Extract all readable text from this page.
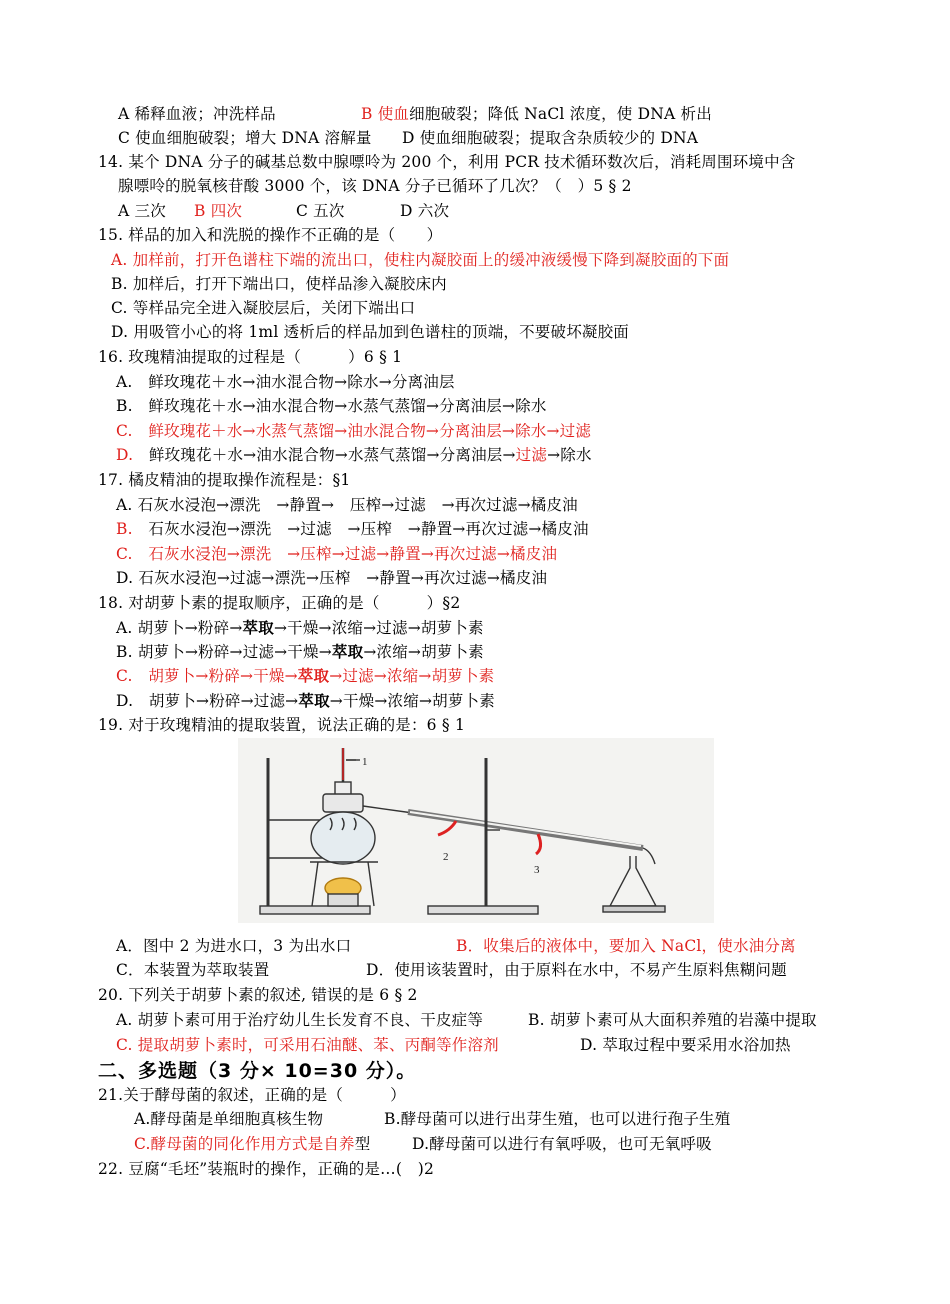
A 稀释血液；冲洗样品	B 使血细胞破裂；降低 NaCl 浓度，使 DNA 析出
C 使血细胞破裂；增大 DNA 溶解量 D 使血细胞破裂；提取含杂质较少的 DNA
14. 某个 DNA 分子的碱基总数中腺嘌呤为 200 个，利用 PCR 技术循环数次后，消耗周围环境中含
腺嘌呤的脱氧核苷酸 3000 个，该 DNA 分子已循环了几次？（　）5 § 2
A 三次 B 四次	C 五次	D 六次
15. 样品的加入和洗脱的操作不正确的是（　　）
A. 加样前，打开色谱柱下端的流出口，使柱内凝胶面上的缓冲液缓慢下降到凝胶面的下面
B. 加样后，打开下端出口，使样品渗入凝胶床内
C. 等样品完全进入凝胶层后，关闭下端出口
D. 用吸管小心的将 1ml 透析后的样品加到色谱柱的顶端，不要破坏凝胶面
16. 玫瑰精油提取的过程是（　　　）6 § 1
A.　鲜玫瑰花＋水→油水混合物→除水→分离油层
B.　鲜玫瑰花＋水→油水混合物→水蒸气蒸馏→分离油层→除水
C.　鲜玫瑰花＋水→水蒸气蒸馏→油水混合物→分离油层→除水→过滤
D.　鲜玫瑰花＋水→油水混合物→水蒸气蒸馏→分离油层→过滤→除水
17. 橘皮精油的提取操作流程是：§1
A. 石灰水浸泡→漂洗　→静置→　压榨→过滤　→再次过滤→橘皮油
B.　石灰水浸泡→漂洗　→过滤　→压榨　→静置→再次过滤→橘皮油
C.　石灰水浸泡→漂洗　→压榨→过滤→静置→再次过滤→橘皮油
D. 石灰水浸泡→过滤→漂洗→压榨　→静置→再次过滤→橘皮油
18. 对胡萝卜素的提取顺序，正确的是（　　　）§2
A. 胡萝卜→粉碎→萃取→干燥→浓缩→过滤→胡萝卜素
B. 胡萝卜→粉碎→过滤→干燥→萃取→浓缩→胡萝卜素
C.　胡萝卜→粉碎→干燥→萃取→过滤→浓缩→胡萝卜素
D.　胡萝卜→粉碎→过滤→萃取→干燥→浓缩→胡萝卜素
19. 对于玫瑰精油的提取装置，说法正确的是：6 § 1
1
2
3
A．图中 2 为进水口，3 为出水口	B．收集后的液体中，要加入 NaCl，使水油分离
C．本装置为萃取装置	D．使用该装置时，由于原料在水中，不易产生原料焦糊问题
20. 下列关于胡萝卜素的叙述, 错误的是 6 § 2
A. 胡萝卜素可用于治疗幼儿生长发育不良、干皮症等	B. 胡萝卜素可从大面积养殖的岩藻中提取
C. 提取胡萝卜素时，可采用石油醚、苯、丙酮等作溶剂	D. 萃取过程中要采用水浴加热
二、多选题（3 分× 10=30 分）。
21.关于酵母菌的叙述，正确的是（　　　）
A.酵母菌是单细胞真核生物	B.酵母菌可以进行出芽生殖，也可以进行孢子生殖
C.酵母菌的同化作用方式是自养型	D.酵母菌可以进行有氧呼吸，也可无氧呼吸
22. 豆腐“毛坯”装瓶时的操作，正确的是…(　)2
